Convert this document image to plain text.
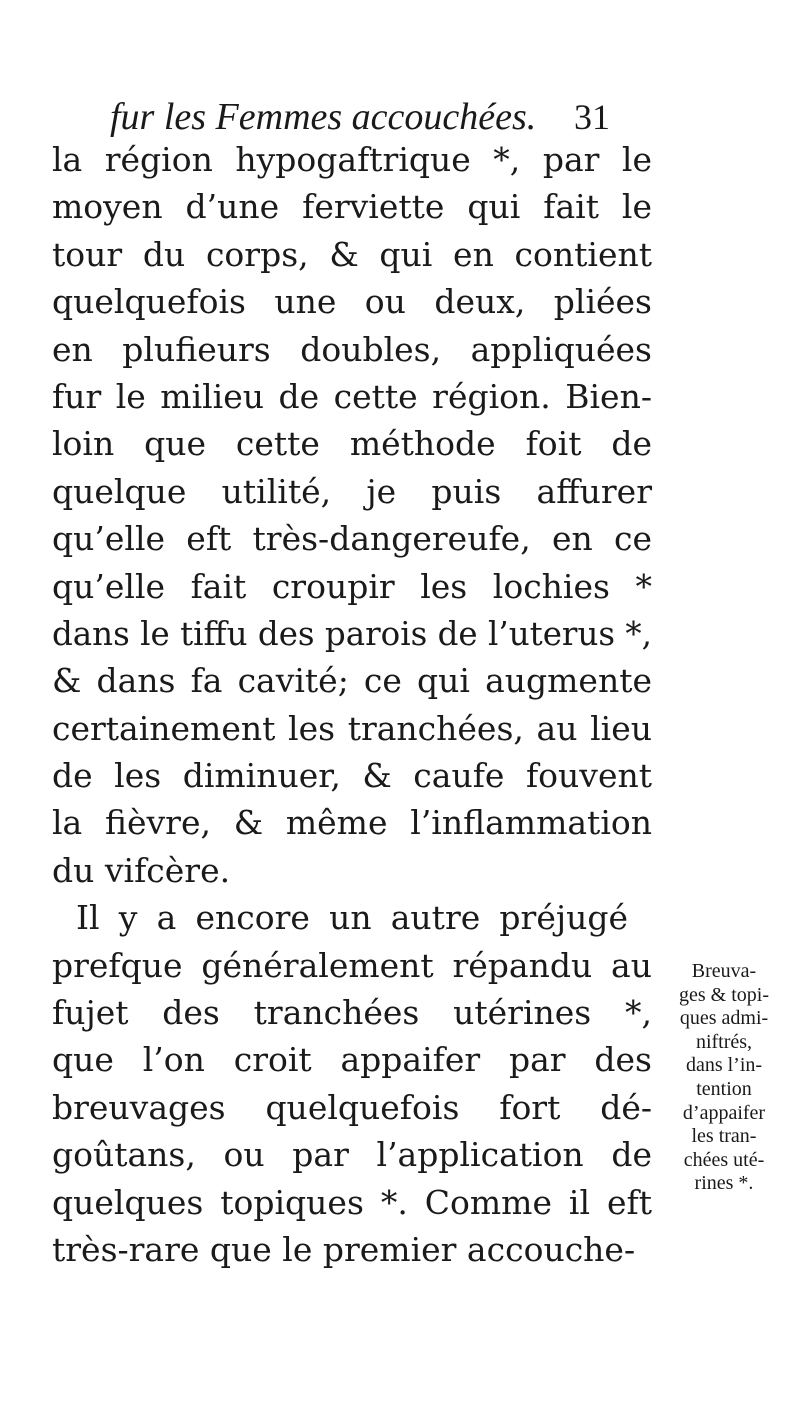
fur les Femmes accouchées. 31
la région hypogaftrique *, par le
moyen d’une ferviette qui fait le
tour du corps, & qui en contient
quelquefois une ou deux, pliées
en plufieurs doubles, appliquées
fur le milieu de cette région. Bien-
loin que cette méthode foit de
quelque utilité, je puis affurer
qu’elle eft très-dangereufe, en ce
qu’elle fait croupir les lochies *
dans le tiffu des parois de l’uterus *,
& dans fa cavité; ce qui augmente
certainement les tranchées, au lieu
de les diminuer, & caufe fouvent
la fièvre, & même l’inflammation
du vifcère.
Il y a encore un autre préjugé
prefque généralement répandu au
fujet des tranchées utérines *,
que l’on croit appaifer par des
breuvages quelquefois fort dé-
goûtans, ou par l’application de
quelques topiques *. Comme il eft
très-rare que le premier accouche-
Breuva-
ges & topi-
ques admi-
niftrés,
dans l’in-
tention
d’appaifer
les tran-
chées uté-
rines *.
